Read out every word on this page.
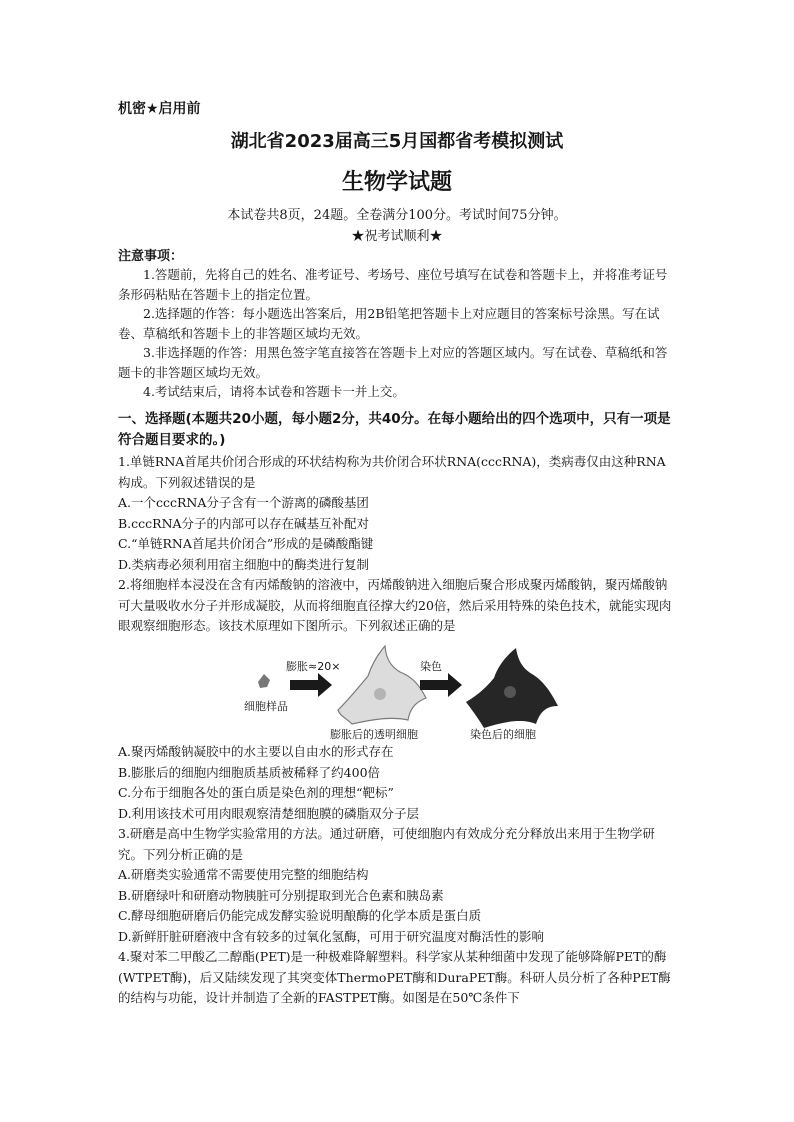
机密★启用前
湖北省2023届高三5月国都省考模拟测试
生物学试题
本试卷共8页，24题。全卷满分100分。考试时间75分钟。
★祝考试顺利★
注意事项：

1.答题前，先将自己的姓名、准考证号、考场号、座位号填写在试卷和答题卡上，并将准考证号条形码粘贴在答题卡上的指定位置。

2.选择题的作答：每小题选出答案后，用2B铅笔把答题卡上对应题目的答案标号涂黑。写在试卷、草稿纸和答题卡上的非答题区域均无效。

3.非选择题的作答：用黑色签字笔直接答在答题卡上对应的答题区域内。写在试卷、草稿纸和答题卡的非答题区域均无效。

4.考试结束后，请将本试卷和答题卡一并上交。

一、选择题(本题共20小题，每小题2分，共40分。在每小题给出的四个选项中，只有一项是符合题目要求的。)

1.单链RNA首尾共价闭合形成的环状结构称为共价闭合环状RNA(cccRNA)，类病毒仅由这种RNA构成。下列叙述错误的是

A.一个cccRNA分子含有一个游离的磷酸基团

B.cccRNA分子的内部可以存在碱基互补配对

C.“单链RNA首尾共价闭合”形成的是磷酸酯键

D.类病毒必须利用宿主细胞中的酶类进行复制

2.将细胞样本浸没在含有丙烯酸钠的溶液中，丙烯酸钠进入细胞后聚合形成聚丙烯酸钠，聚丙烯酸钠可大量吸收水分子并形成凝胶，从而将细胞直径撑大约20倍，然后采用特殊的染色技术，就能实现肉眼观察细胞形态。该技术原理如下图所示。下列叙述正确的是

细胞样品
膨胀≈20×	染色
膨胀后的透明细胞	染色后的细胞

A.聚丙烯酸钠凝胶中的水主要以自由水的形式存在

B.膨胀后的细胞内细胞质基质被稀释了约400倍

C.分布于细胞各处的蛋白质是染色剂的理想“靶标”

D.利用该技术可用肉眼观察清楚细胞膜的磷脂双分子层

3.研磨是高中生物学实验常用的方法。通过研磨，可使细胞内有效成分充分释放出来用于生物学研究。下列分析正确的是

A.研磨类实验通常不需要使用完整的细胞结构

B.研磨绿叶和研磨动物胰脏可分别提取到光合色素和胰岛素

C.酵母细胞研磨后仍能完成发酵实验说明酿酶的化学本质是蛋白质

D.新鲜肝脏研磨液中含有较多的过氧化氢酶，可用于研究温度对酶活性的影响

4.聚对苯二甲酸乙二醇酯(PET)是一种极难降解塑料。科学家从某种细菌中发现了能够降解PET的酶(WTPET酶)，后又陆续发现了其突变体ThermoPET酶和DuraPET酶。科研人员分析了各种PET酶的结构与功能，设计并制造了全新的FASTPET酶。如图是在50℃条件下
